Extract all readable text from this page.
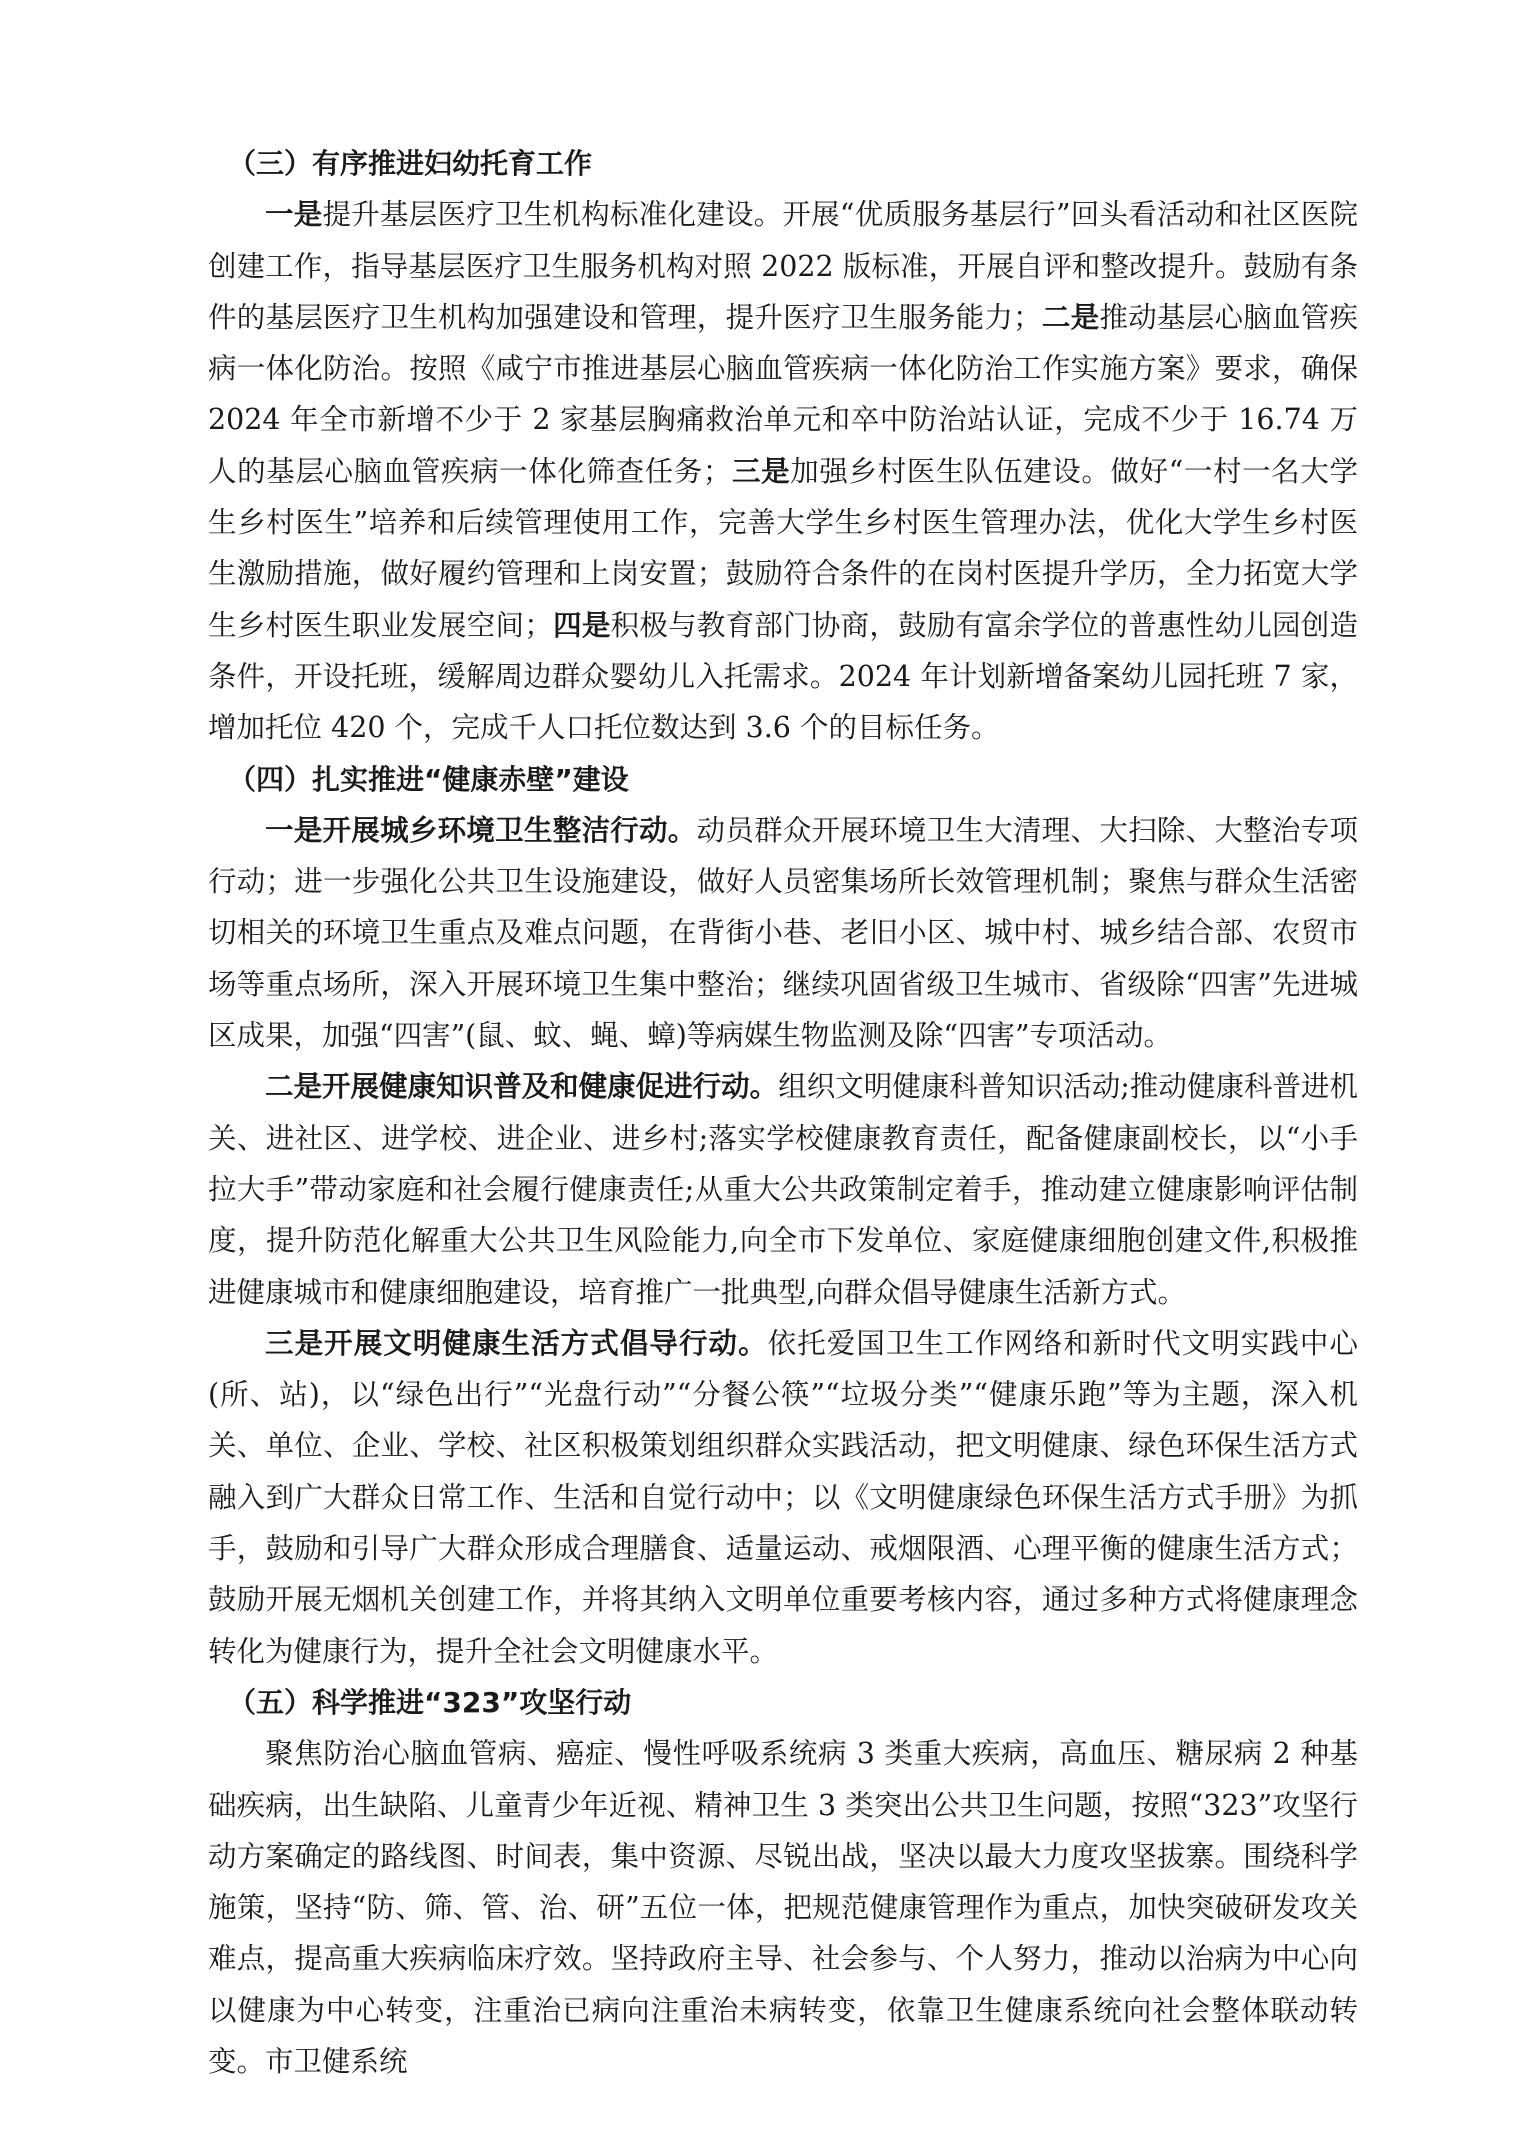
（三）有序推进妇幼托育工作

一是提升基层医疗卫生机构标准化建设。开展“优质服务基层行”回头看活动和社区医院创建工作，指导基层医疗卫生服务机构对照 2022 版标准，开展自评和整改提升。鼓励有条件的基层医疗卫生机构加强建设和管理，提升医疗卫生服务能力；二是推动基层心脑血管疾病一体化防治。按照《咸宁市推进基层心脑血管疾病一体化防治工作实施方案》要求，确保 2024 年全市新增不少于 2 家基层胸痛救治单元和卒中防治站认证，完成不少于 16.74 万人的基层心脑血管疾病一体化筛查任务；三是加强乡村医生队伍建设。做好“一村一名大学生乡村医生”培养和后续管理使用工作，完善大学生乡村医生管理办法，优化大学生乡村医生激励措施，做好履约管理和上岗安置；鼓励符合条件的在岗村医提升学历，全力拓宽大学生乡村医生职业发展空间；四是积极与教育部门协商，鼓励有富余学位的普惠性幼儿园创造条件，开设托班，缓解周边群众婴幼儿入托需求。2024 年计划新增备案幼儿园托班 7 家，增加托位 420 个，完成千人口托位数达到 3.6 个的目标任务。

（四）扎实推进“健康赤壁”建设

一是开展城乡环境卫生整洁行动。动员群众开展环境卫生大清理、大扫除、大整治专项行动；进一步强化公共卫生设施建设，做好人员密集场所长效管理机制；聚焦与群众生活密切相关的环境卫生重点及难点问题，在背街小巷、老旧小区、城中村、城乡结合部、农贸市场等重点场所，深入开展环境卫生集中整治；继续巩固省级卫生城市、省级除“四害”先进城区成果，加强“四害”(鼠、蚊、蝇、蟑)等病媒生物监测及除“四害”专项活动。

二是开展健康知识普及和健康促进行动。组织文明健康科普知识活动;推动健康科普进机关、进社区、进学校、进企业、进乡村;落实学校健康教育责任，配备健康副校长，以“小手拉大手”带动家庭和社会履行健康责任;从重大公共政策制定着手，推动建立健康影响评估制度，提升防范化解重大公共卫生风险能力,向全市下发单位、家庭健康细胞创建文件,积极推进健康城市和健康细胞建设，培育推广一批典型,向群众倡导健康生活新方式。

三是开展文明健康生活方式倡导行动。依托爱国卫生工作网络和新时代文明实践中心(所、站)，以“绿色出行”“光盘行动”“分餐公筷”“垃圾分类”“健康乐跑”等为主题，深入机关、单位、企业、学校、社区积极策划组织群众实践活动，把文明健康、绿色环保生活方式融入到广大群众日常工作、生活和自觉行动中；以《文明健康绿色环保生活方式手册》为抓手，鼓励和引导广大群众形成合理膳食、适量运动、戒烟限酒、心理平衡的健康生活方式；鼓励开展无烟机关创建工作，并将其纳入文明单位重要考核内容，通过多种方式将健康理念转化为健康行为，提升全社会文明健康水平。

（五）科学推进“323”攻坚行动

聚焦防治心脑血管病、癌症、慢性呼吸系统病 3 类重大疾病，高血压、糖尿病 2 种基础疾病，出生缺陷、儿童青少年近视、精神卫生 3 类突出公共卫生问题，按照“323”攻坚行动方案确定的路线图、时间表，集中资源、尽锐出战，坚决以最大力度攻坚拔寨。围绕科学施策，坚持“防、筛、管、治、研”五位一体，把规范健康管理作为重点，加快突破研发攻关难点，提高重大疾病临床疗效。坚持政府主导、社会参与、个人努力，推动以治病为中心向以健康为中心转变，注重治已病向注重治未病转变，依靠卫生健康系统向社会整体联动转变。市卫健系统
